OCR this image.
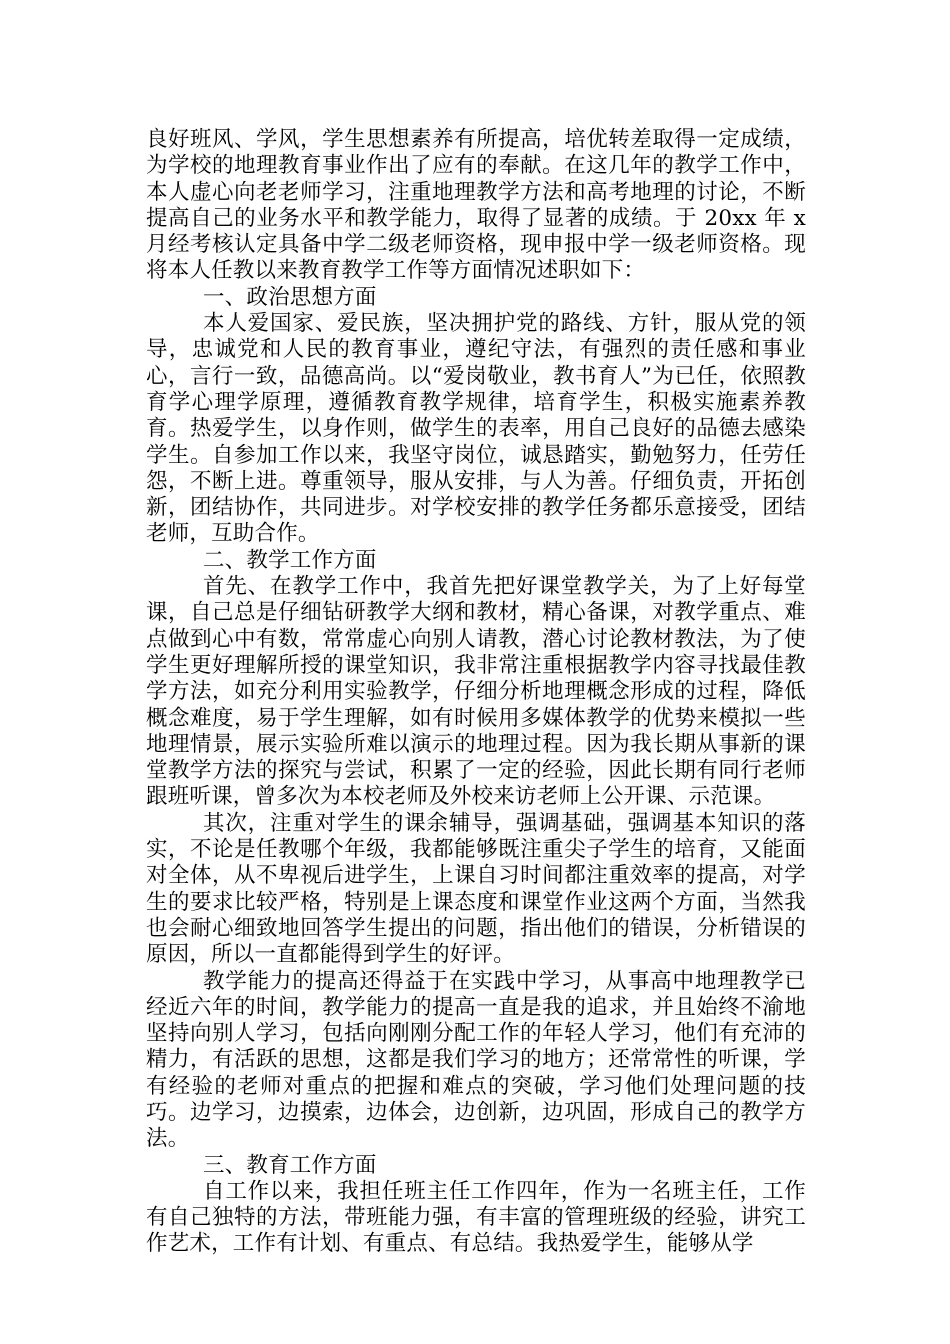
良好班风、学风，学生思想素养有所提高，培优转差取得一定成绩，为学校的地理教育事业作出了应有的奉献。在这几年的教学工作中，本人虚心向老老师学习，注重地理教学方法和高考地理的讨论，不断提高自己的业务水平和教学能力，取得了显著的成绩。于 20xx 年 x 月经考核认定具备中学二级老师资格，现申报中学一级老师资格。现将本人任教以来教育教学工作等方面情况述职如下：

一、政治思想方面

本人爱国家、爱民族，坚决拥护党的路线、方针，服从党的领导，忠诚党和人民的教育事业，遵纪守法，有强烈的责任感和事业心，言行一致，品德高尚。以“爱岗敬业，教书育人”为已任，依照教育学心理学原理，遵循教育教学规律，培育学生，积极实施素养教育。热爱学生，以身作则，做学生的表率，用自己良好的品德去感染学生。自参加工作以来，我坚守岗位，诚恳踏实，勤勉努力，任劳任怨，不断上进。尊重领导，服从安排，与人为善。仔细负责，开拓创新，团结协作，共同进步。对学校安排的教学任务都乐意接受，团结老师，互助合作。

二、教学工作方面

首先、在教学工作中，我首先把好课堂教学关，为了上好每堂课，自己总是仔细钻研教学大纲和教材，精心备课，对教学重点、难点做到心中有数，常常虚心向别人请教，潜心讨论教材教法，为了使学生更好理解所授的课堂知识，我非常注重根据教学内容寻找最佳教学方法，如充分利用实验教学，仔细分析地理概念形成的过程，降低概念难度，易于学生理解，如有时候用多媒体教学的优势来模拟一些地理情景，展示实验所难以演示的地理过程。因为我长期从事新的课堂教学方法的探究与尝试，积累了一定的经验，因此长期有同行老师跟班听课，曾多次为本校老师及外校来访老师上公开课、示范课。

其次，注重对学生的课余辅导，强调基础，强调基本知识的落实，不论是任教哪个年级，我都能够既注重尖子学生的培育，又能面对全体，从不卑视后进学生，上课自习时间都注重效率的提高，对学生的要求比较严格，特别是上课态度和课堂作业这两个方面，当然我也会耐心细致地回答学生提出的问题，指出他们的错误，分析错误的原因，所以一直都能得到学生的好评。

教学能力的提高还得益于在实践中学习，从事高中地理教学已经近六年的时间，教学能力的提高一直是我的追求，并且始终不渝地坚持向别人学习，包括向刚刚分配工作的年轻人学习，他们有充沛的精力，有活跃的思想，这都是我们学习的地方；还常常性的听课，学有经验的老师对重点的把握和难点的突破，学习他们处理问题的技巧。边学习，边摸索，边体会，边创新，边巩固，形成自己的教学方法。

三、教育工作方面

自工作以来，我担任班主任工作四年，作为一名班主任，工作有自己独特的方法，带班能力强，有丰富的管理班级的经验，讲究工作艺术，工作有计划、有重点、有总结。我热爱学生，能够从学
